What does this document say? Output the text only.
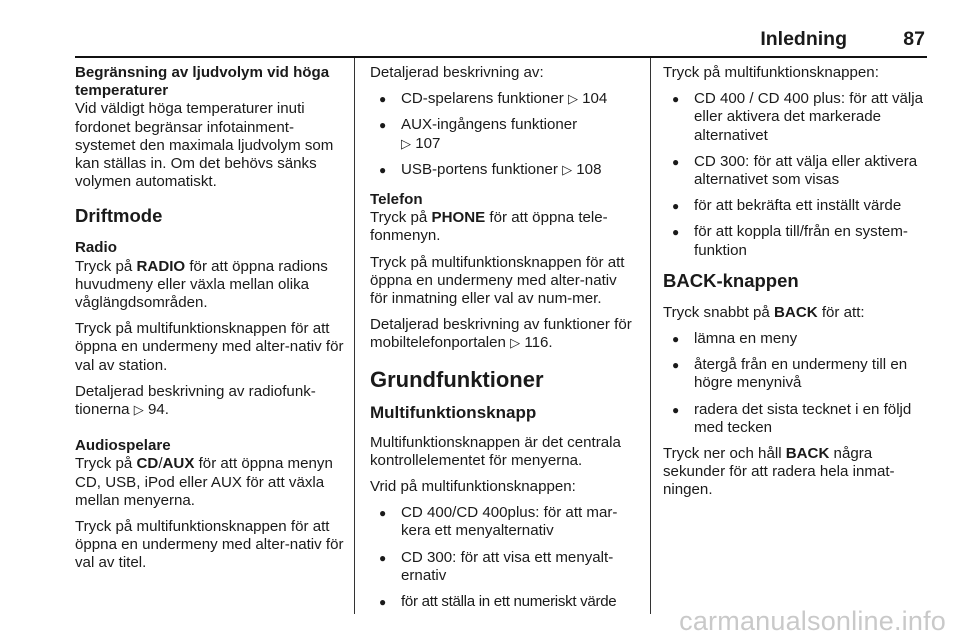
Inledning	87
Begränsning av ljudvolym vid höga temperaturer

Vid väldigt höga temperaturer inuti fordonet begränsar infotainment-systemet den maximala ljudvolym som kan ställas in. Om det behövs sänks volymen automatiskt.

Driftmode
Radio

Tryck på RADIO för att öppna radions huvudmeny eller växla mellan olika våglängdsområden.

Tryck på multifunktionsknappen för att öppna en undermeny med alter-nativ för val av station.

Detaljerad beskrivning av radiofunk-tionerna ▷ 94.

Audiospelare

Tryck på CD/AUX för att öppna menyn CD, USB, iPod eller AUX för att växla mellan menyerna.

Tryck på multifunktionsknappen för att öppna en undermeny med alter-nativ för val av titel.

Detaljerad beskrivning av:

● CD-spelarens funktioner ▷ 104
● AUX-ingångens funktioner
▷ 107
● USB-portens funktioner ▷ 108
Telefon

Tryck på PHONE för att öppna tele-fonmenyn.

Tryck på multifunktionsknappen för att öppna en undermeny med alter-nativ för inmatning eller val av num-mer.

Detaljerad beskrivning av funktioner för mobiltelefonportalen ▷ 116.

Grundfunktioner
Multifunktionsknapp

Multifunktionsknappen är det centrala kontrollelementet för menyerna.

Vrid på multifunktionsknappen:

● CD 400/CD 400plus: för att mar-kera ett menyalternativ
● CD 300: för att visa ett menyalt-ernativ
● för att ställa in ett numeriskt värde

Tryck på multifunktionsknappen:

● CD 400 / CD 400 plus: för att välja eller aktivera det markerade alternativet
● CD 300: för att välja eller aktivera alternativet som visas
● för att bekräfta ett inställt värde
● för att koppla till/från en system-funktion
BACK-knappen

Tryck snabbt på BACK för att:

● lämna en meny
● återgå från en undermeny till en högre menynivå
● radera det sista tecknet i en följd med tecken

Tryck ner och håll BACK några sekunder för att radera hela inmat-ningen.

carmanualsonline.info
